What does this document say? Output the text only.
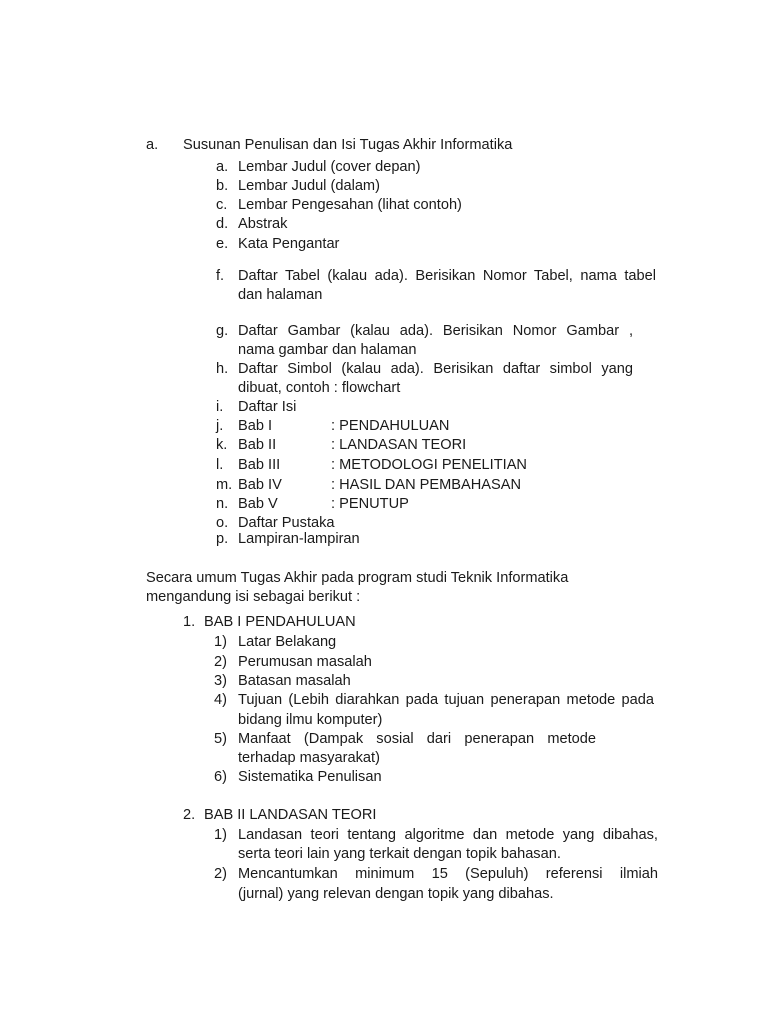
a. Susunan Penulisan dan Isi Tugas Akhir Informatika
a. Lembar Judul (cover depan)
b. Lembar Judul (dalam)
c. Lembar Pengesahan (lihat contoh)
d. Abstrak
e. Kata Pengantar
f. Daftar Tabel (kalau ada). Berisikan Nomor Tabel, nama tabel
dan halaman
g. Daftar Gambar (kalau ada). Berisikan Nomor Gambar ,
nama gambar dan halaman
h. Daftar Simbol (kalau ada). Berisikan daftar simbol yang
dibuat, contoh : flowchart
i. Daftar Isi
j. Bab I	: PENDAHULUAN
k. Bab II	: LANDASAN TEORI
l. Bab III	: METODOLOGI PENELITIAN
m. Bab IV	: HASIL DAN PEMBAHASAN
n. Bab V	: PENUTUP
o. Daftar Pustaka
p. Lampiran-lampiran
Secara umum Tugas Akhir pada program studi Teknik Informatika
mengandung isi sebagai berikut :
1. BAB I PENDAHULUAN
1) Latar Belakang
2) Perumusan masalah
3) Batasan masalah
4) Tujuan (Lebih diarahkan pada tujuan penerapan metode pada
bidang ilmu komputer)
5) Manfaat (Dampak sosial dari penerapan metode
terhadap masyarakat)
6) Sistematika Penulisan
2. BAB II LANDASAN TEORI
1) Landasan teori tentang algoritme dan metode yang dibahas,
serta teori lain yang terkait dengan topik bahasan.
2) Mencantumkan minimum 15 (Sepuluh) referensi ilmiah
(jurnal) yang relevan dengan topik yang dibahas.
